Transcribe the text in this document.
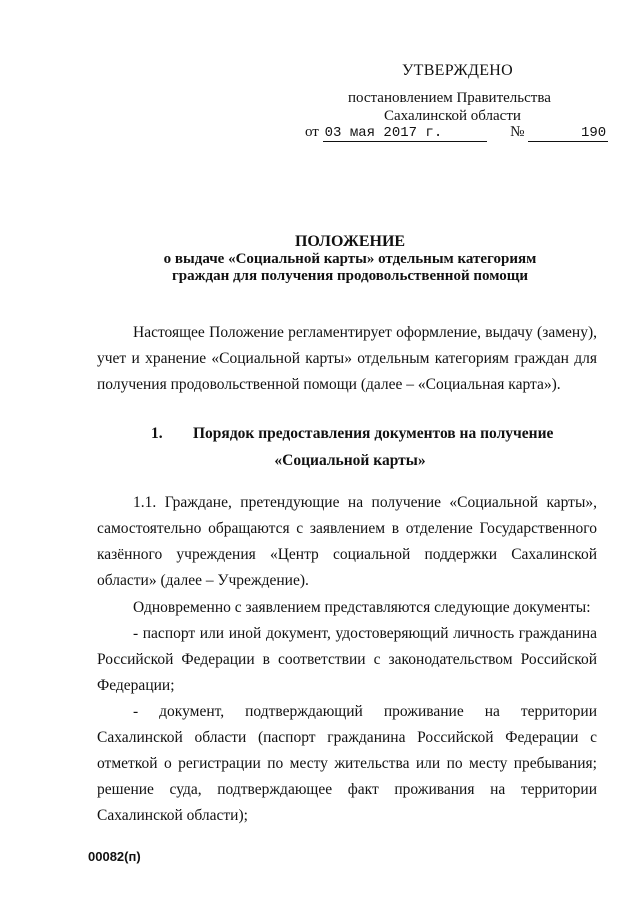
УТВЕРЖДЕНО
постановлением Правительства
Сахалинской области
от 03 мая 2017 г.	№	190
ПОЛОЖЕНИЕ
о выдаче «Социальной карты» отдельным категориям
граждан для получения продовольственной помощи
Настоящее Положение регламентирует оформление, выдачу (замену), учет и хранение «Социальной карты» отдельным категориям граждан для получения продовольственной помощи (далее – «Социальная карта»).
1. Порядок предоставления документов на получение
«Социальной карты»
1.1. Граждане, претендующие на получение «Социальной карты», самостоятельно обращаются с заявлением в отделение Государственного казённого учреждения «Центр социальной поддержки Сахалинской области» (далее – Учреждение).
Одновременно с заявлением представляются следующие документы:
- паспорт или иной документ, удостоверяющий личность гражданина Российской Федерации в соответствии с законодательством Российской Федерации;
- документ, подтверждающий проживание на территории Сахалинской области (паспорт гражданина Российской Федерации с отметкой о регистрации по месту жительства или по месту пребывания; решение суда, подтверждающее факт проживания на территории Сахалинской области);
00082(п)
